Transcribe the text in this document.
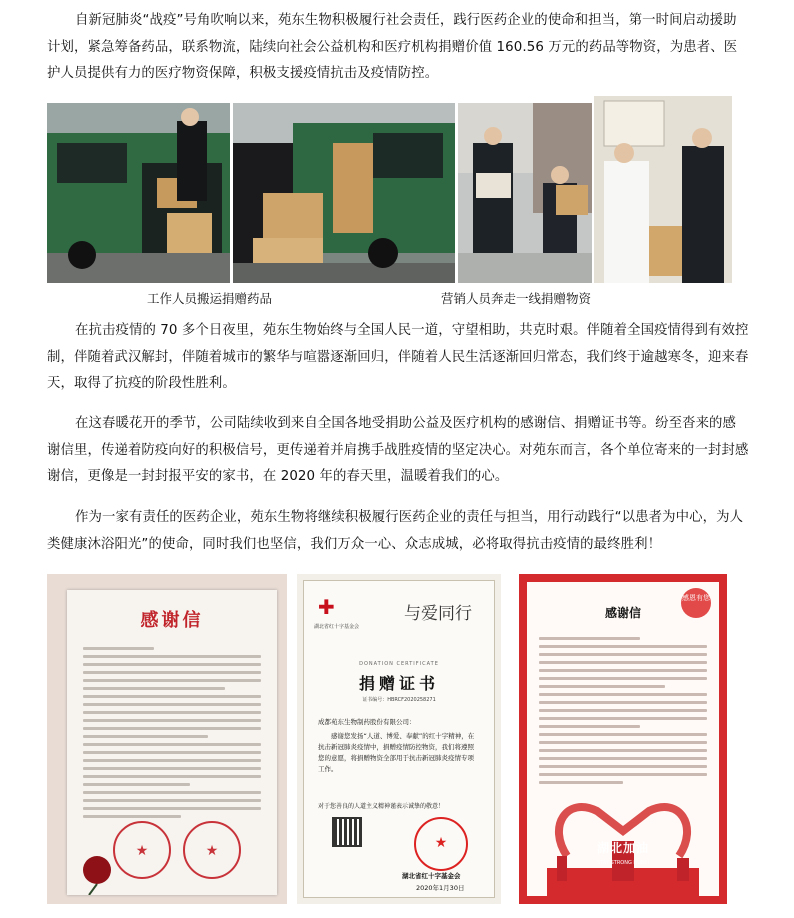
自新冠肺炎“战疫”号角吹响以来，苑东生物积极履行社会责任，践行医药企业的使命和担当，第一时间启动援助计划，紧急筹备药品，联系物流，陆续向社会公益机构和医疗机构捐赠价值 160.56 万元的药品等物资，为患者、医护人员提供有力的医疗物资保障，积极支援疫情抗击及疫情防控。

工作人员搬运捐赠药品	营销人员奔走一线捐赠物资

在抗击疫情的 70 多个日夜里，苑东生物始终与全国人民一道，守望相助，共克时艰。伴随着全国疫情得到有效控制，伴随着武汉解封，伴随着城市的繁华与喧嚣逐渐回归，伴随着人民生活逐渐回归常态，我们终于逾越寒冬，迎来春天，取得了抗疫的阶段性胜利。

在这春暖花开的季节，公司陆续收到来自全国各地受捐助公益及医疗机构的感谢信、捐赠证书等。纷至沓来的感谢信里，传递着防疫向好的积极信号，更传递着并肩携手战胜疫情的坚定决心。对苑东而言，各个单位寄来的一封封感谢信，更像是一封封报平安的家书，在 2020 年的春天里，温暖着我们的心。

作为一家有责任的医药企业，苑东生物将继续积极履行医药企业的责任与担当，用行动践行“以患者为中心，为人类健康沐浴阳光”的使命，同时我们也坚信，我们万众一心、众志成城，必将取得抗击疫情的最终胜利！

感谢信
★	★
✚
湖北省红十字基金会
与爱同行
DONATION CERTIFICATE
捐赠证书
证书编号：HBRCF2020258271
成都苑东生物制药股份有限公司：
感谢您发扬“人道、博爱、奉献”的红十字精神，在抗击新冠肺炎疫情中，捐赠疫情防控物资，我们将遵照您的意愿，将捐赠物资全部用于抗击新冠肺炎疫情专项工作。
对于您善良的人道主义精神谨表示诚挚的敬意！
★
湖北省红十字基金会
2020年1月30日
感恩有您
感谢信
湖北加油
STAY STRONG HUBEI
